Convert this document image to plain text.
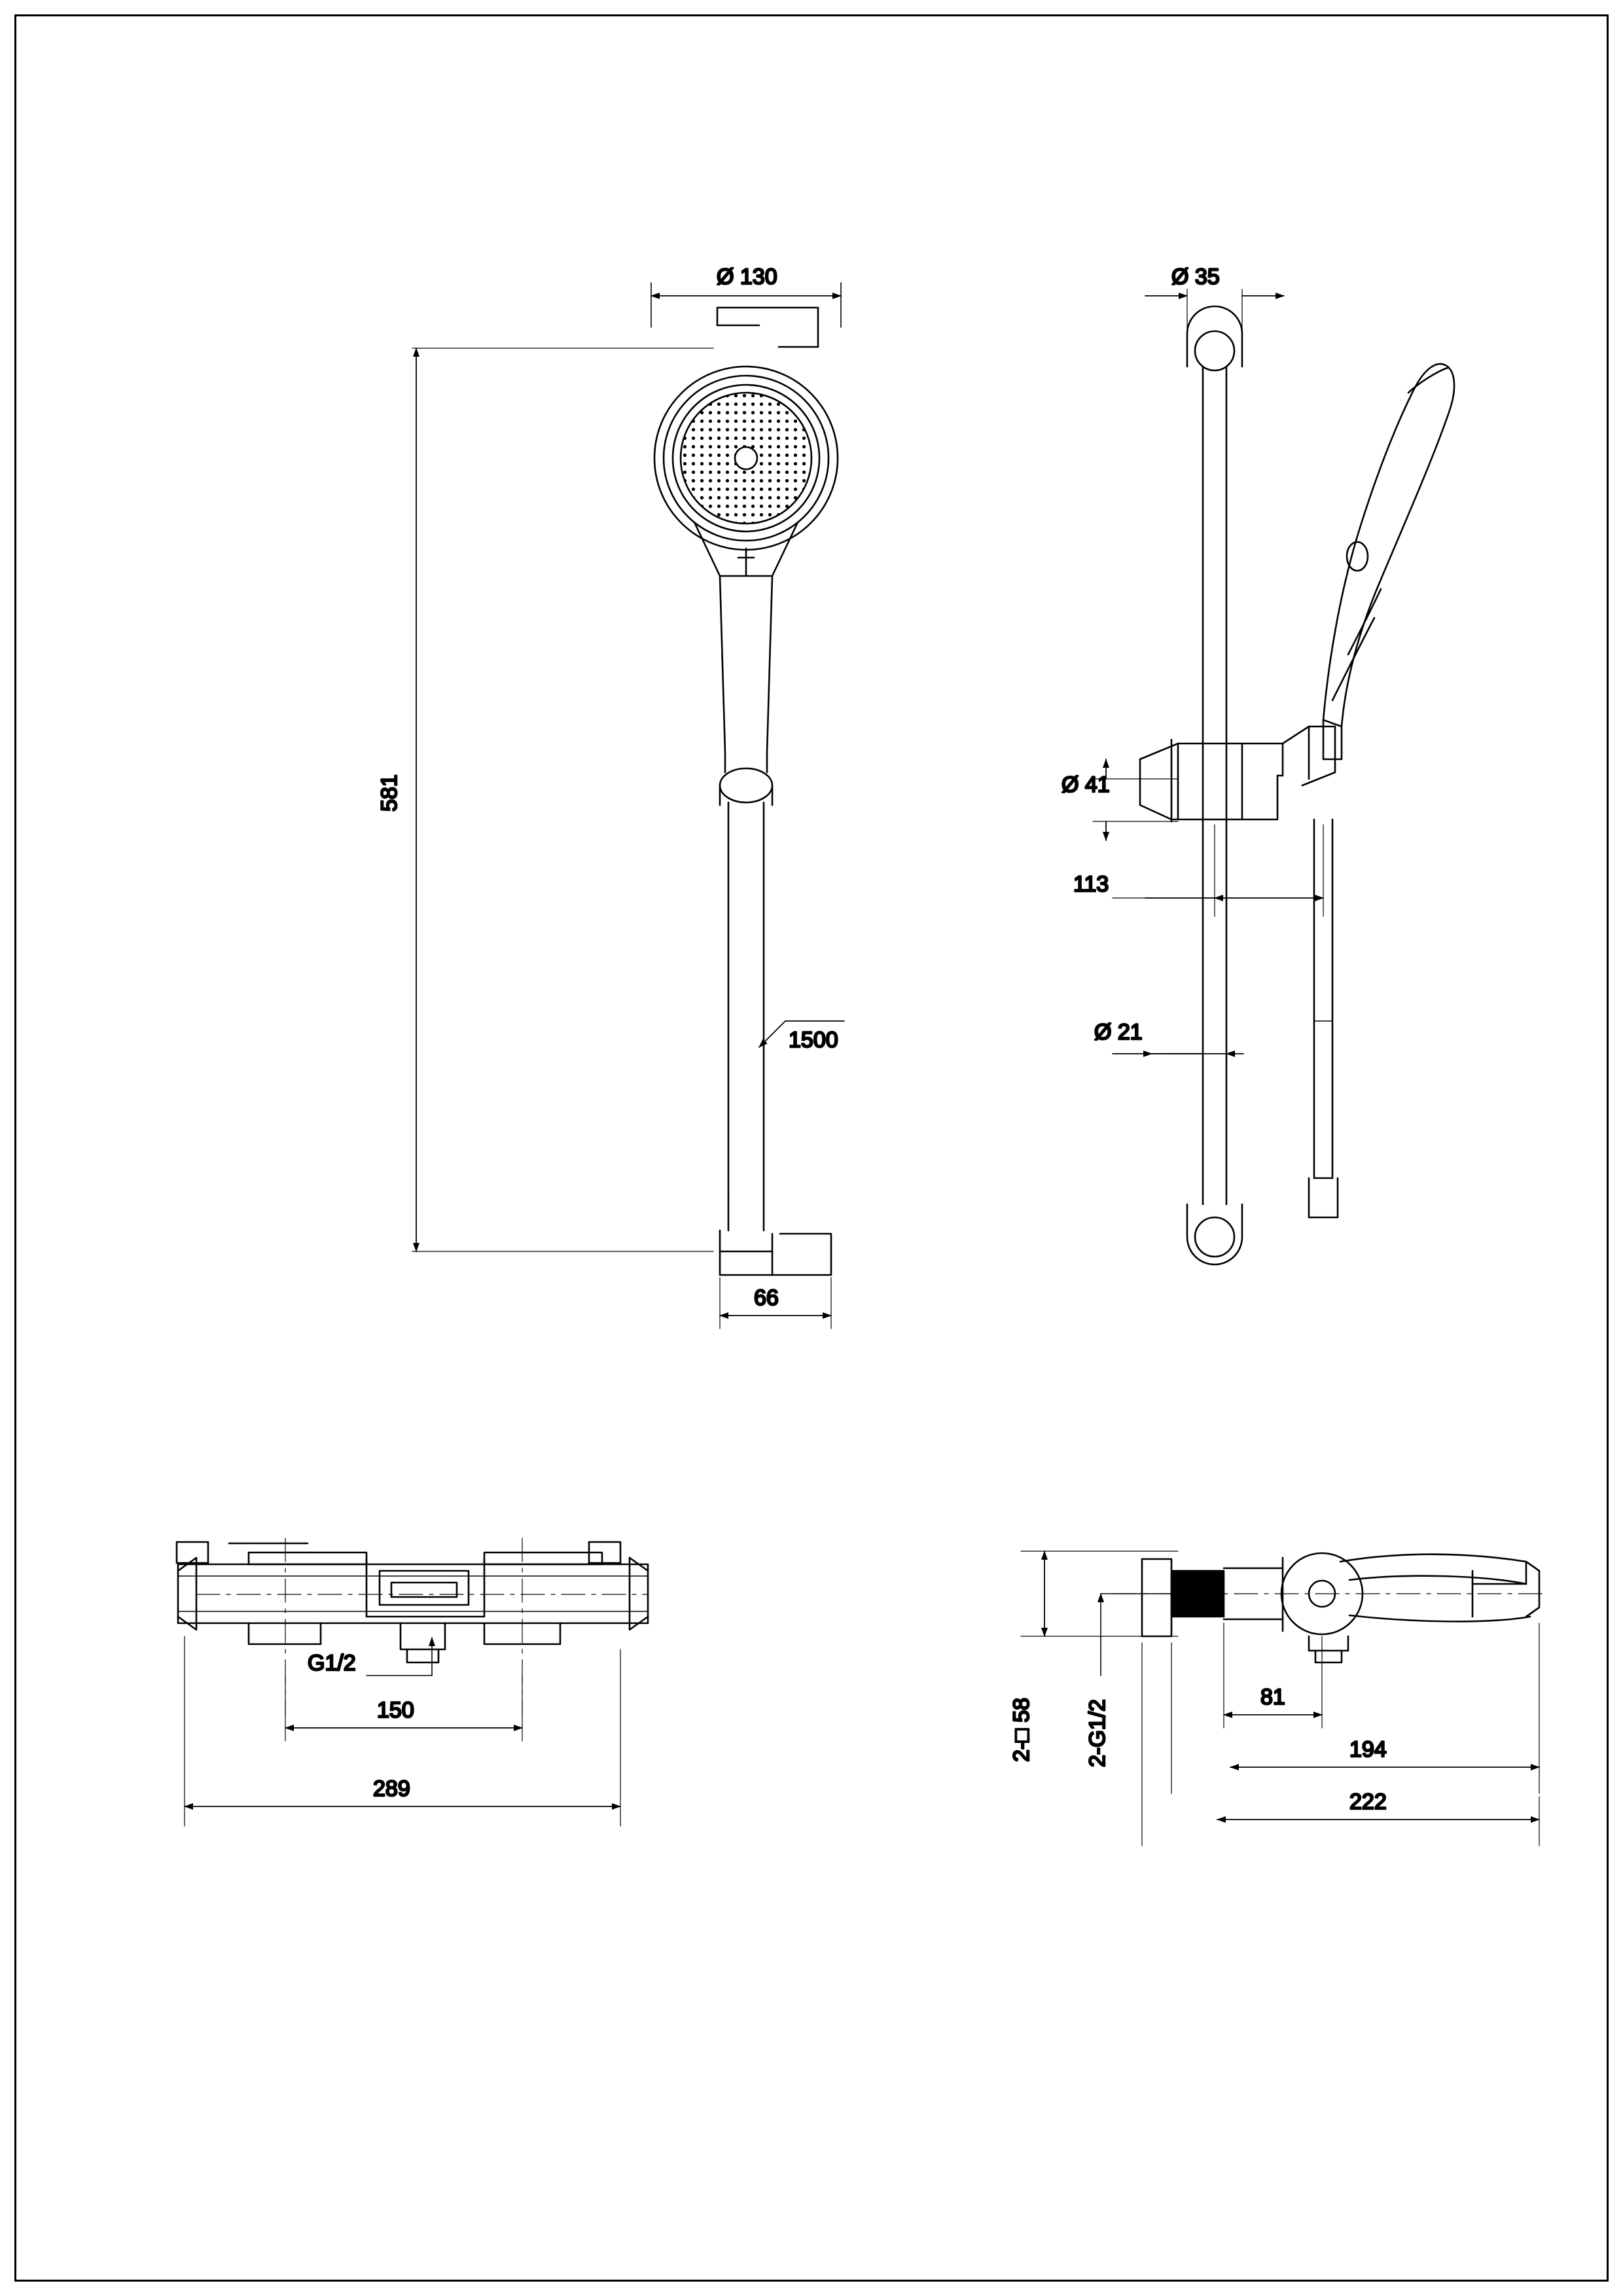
Ø 130
581
1500
66
Ø 35
Ø 41
113
Ø 21
G1/2
150
289
2-□ 58 2-G1/2
81
194
222
